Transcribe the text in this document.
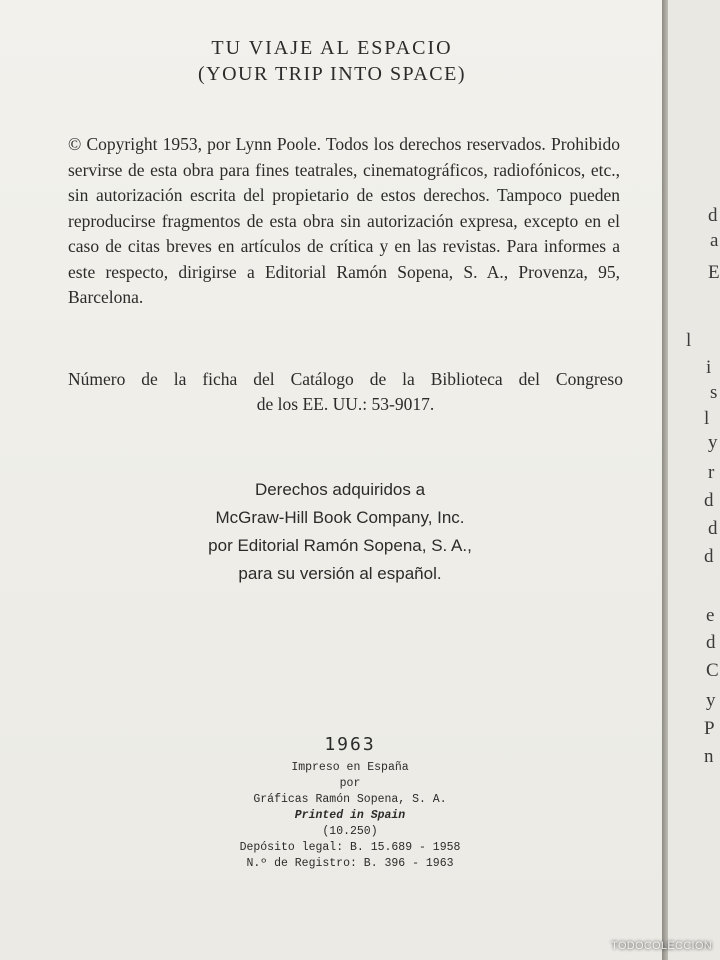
TU VIAJE AL ESPACIO
(YOUR TRIP INTO SPACE)
© Copyright 1953, por Lynn Poole. Todos los derechos reservados. Prohibido servirse de esta obra para fines teatrales, cinematográficos, radiofónicos, etc., sin autorización escrita del propietario de estos derechos. Tampoco pueden reproducirse fragmentos de esta obra sin autorización expresa, excepto en el caso de citas breves en artículos de crítica y en las revistas. Para informes a este respecto, dirigirse a Editorial Ramón Sopena, S. A., Provenza, 95, Barcelona.
Número de la ficha del Catálogo de la Biblioteca del Congreso
de los EE. UU.: 53-9017.
Derechos adquiridos a
McGraw-Hill Book Company, Inc.
por Editorial Ramón Sopena, S. A.,
para su versión al español.
1963
Impreso en España
por
Gráficas Ramón Sopena, S. A.
Printed in Spain
(10.250)
Depósito legal: B. 15.689 - 1958
N.º de Registro: B. 396 - 1963
d
a
E
l
i
s
l
y
r
d
d
d
e
d
C
y
P
n
TODOCOLECCION
